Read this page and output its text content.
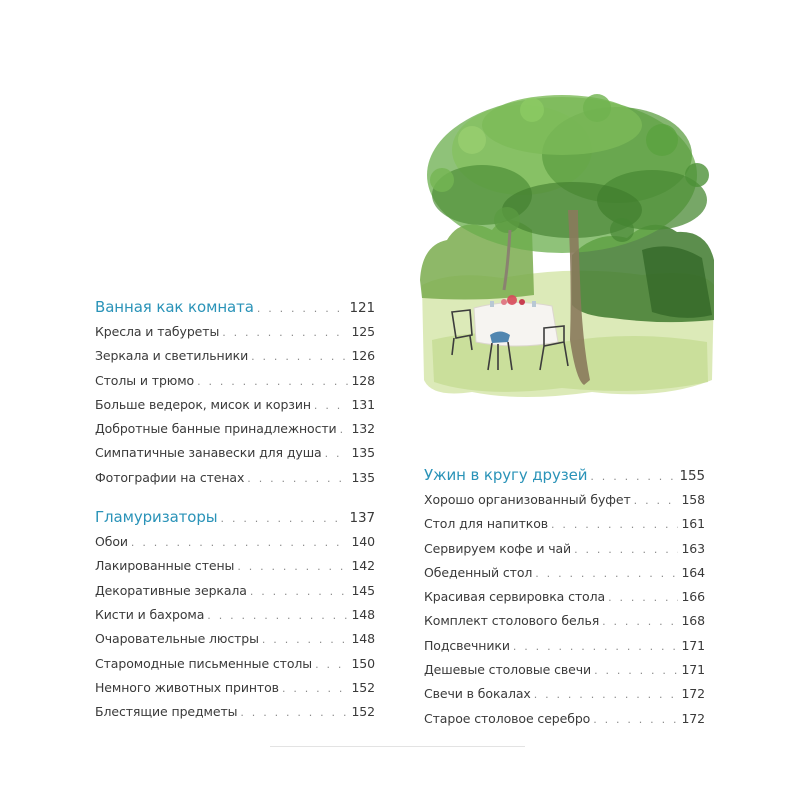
Ванная как комната . . .	121
Кресла и табуреты . . .	125
Зеркала и светильники . . .	126
Столы и трюмо . . .	128
Больше ведерок, мисок и корзин . . .	131
Добротные банные принадлежности . . . 132
Симпатичные занавески для душа . . . 135
Фотографии на стенах . . .	135
Гламуризаторы . . .	137
Обои . . .	140
Лакированные стены . . .	142
Декоративные зеркала . . .	145
Кисти и бахрома . . .	148
Очаровательные люстры . . .	148
Старомодные письменные столы . . .	150
Немного животных принтов . . .	152
Блестящие предметы . . .	152
Ужин в кругу друзей . . .	155
Хорошо организованный буфет . . .	158
Стол для напитков . . .	161
Сервируем кофе и чай . . .	163
Обеденный стол . . .	164
Красивая сервировка стола . . .	166
Комплект столового белья . . .	168
Подсвечники . . .	171
Дешевые столовые свечи . . .	171
Свечи в бокалах . . .	172
Старое столовое серебро . . .	172
